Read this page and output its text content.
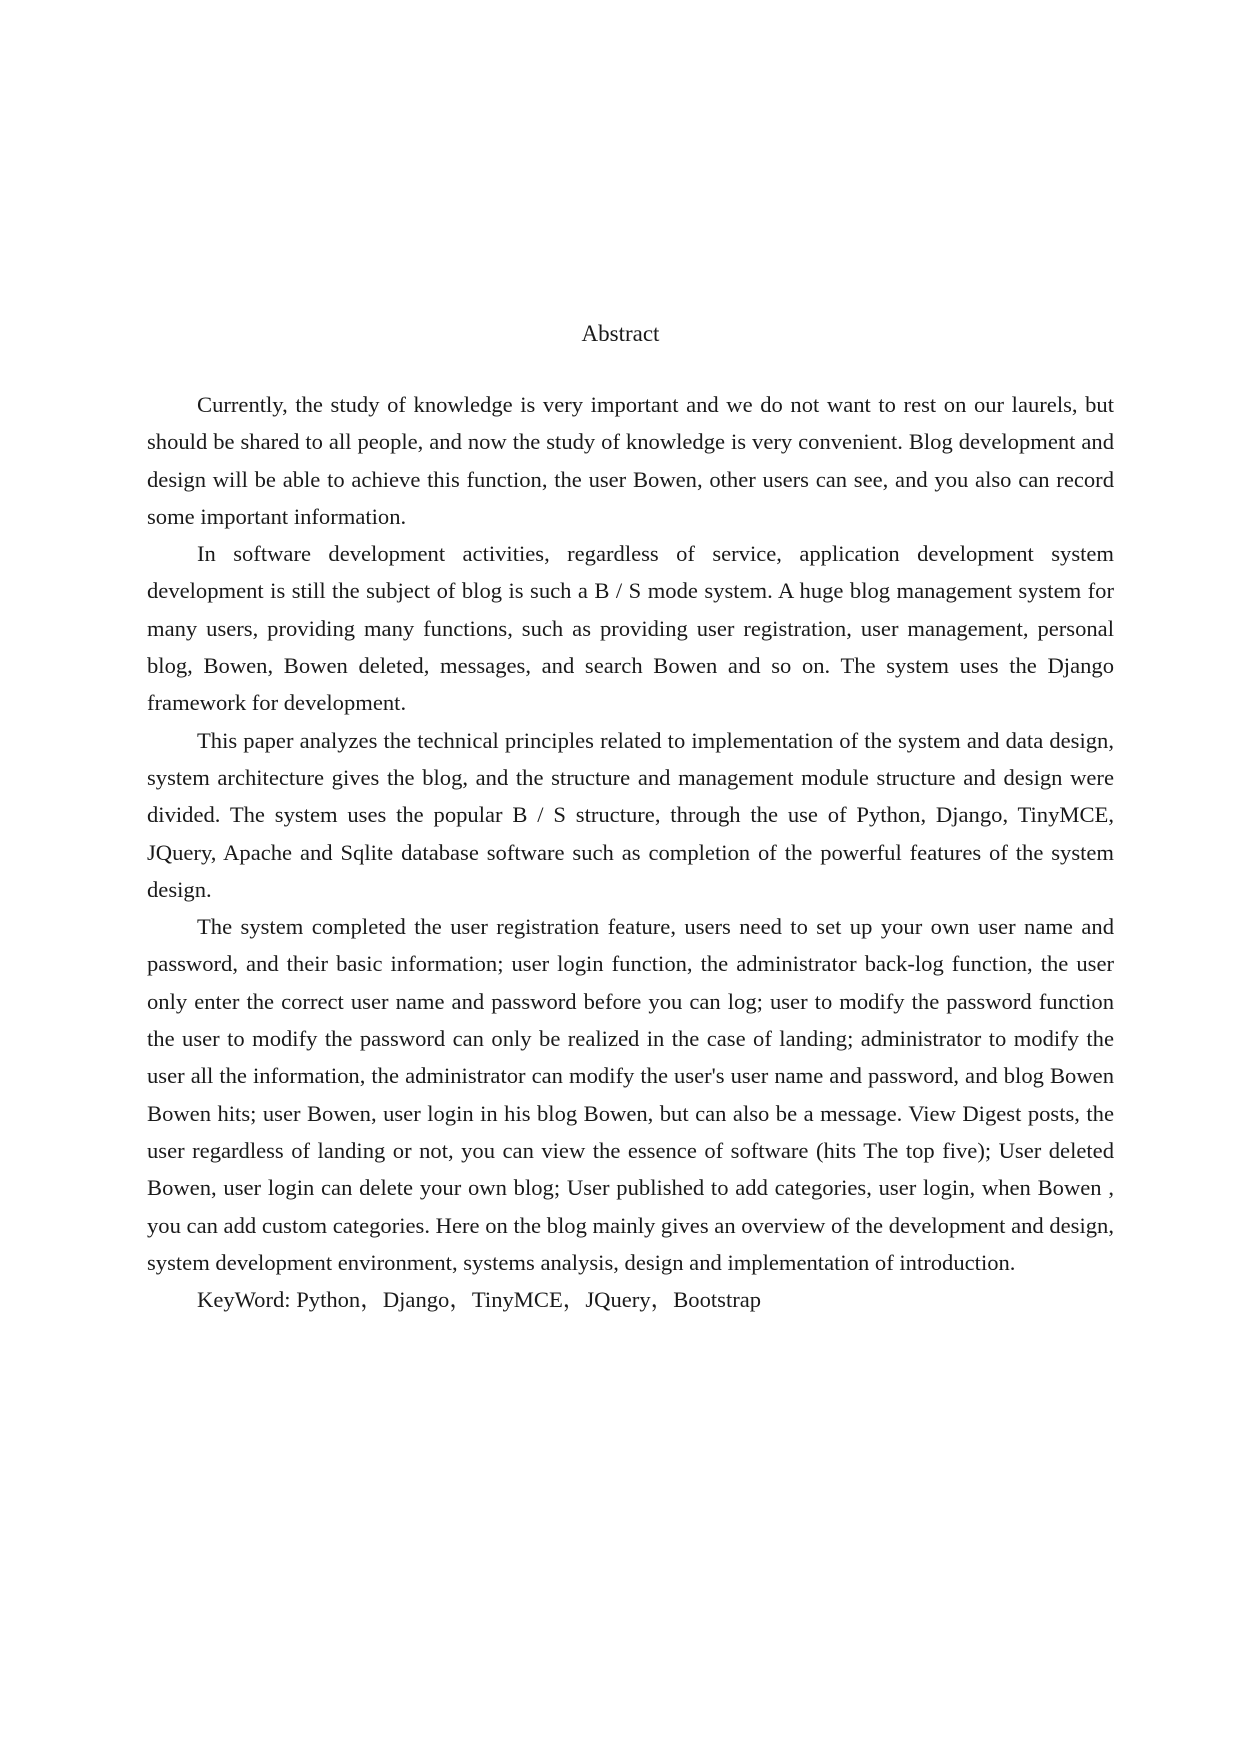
Abstract

Currently, the study of knowledge is very important and we do not want to rest on our laurels, but should be shared to all people, and now the study of knowledge is very convenient. Blog development and design will be able to achieve this function, the user Bowen, other users can see, and you also can record some important information.

In software development activities, regardless of service, application development system development is still the subject of blog is such a B / S mode system. A huge blog management system for many users, providing many functions, such as providing user registration, user management, personal blog, Bowen, Bowen deleted, messages, and search Bowen and so on. The system uses the Django framework for development.

This paper analyzes the technical principles related to implementation of the system and data design, system architecture gives the blog, and the structure and management module structure and design were divided. The system uses the popular B / S structure, through the use of Python, Django, TinyMCE, JQuery, Apache and Sqlite database software such as completion of the powerful features of the system design.

The system completed the user registration feature, users need to set up your own user name and password, and their basic information; user login function, the administrator back-log function, the user only enter the correct user name and password before you can log; user to modify the password function the user to modify the password can only be realized in the case of landing; administrator to modify the user all the information, the administrator can modify the user's user name and password, and blog Bowen Bowen hits; user Bowen, user login in his blog Bowen, but can also be a message. View Digest posts, the user regardless of landing or not, you can view the essence of software (hits The top five); User deleted Bowen, user login can delete your own blog; User published to add categories, user login, when Bowen , you can add custom categories. Here on the blog mainly gives an overview of the development and design, system development environment, systems analysis, design and implementation of introduction.

KeyWord: Python，Django，TinyMCE，JQuery，Bootstrap
